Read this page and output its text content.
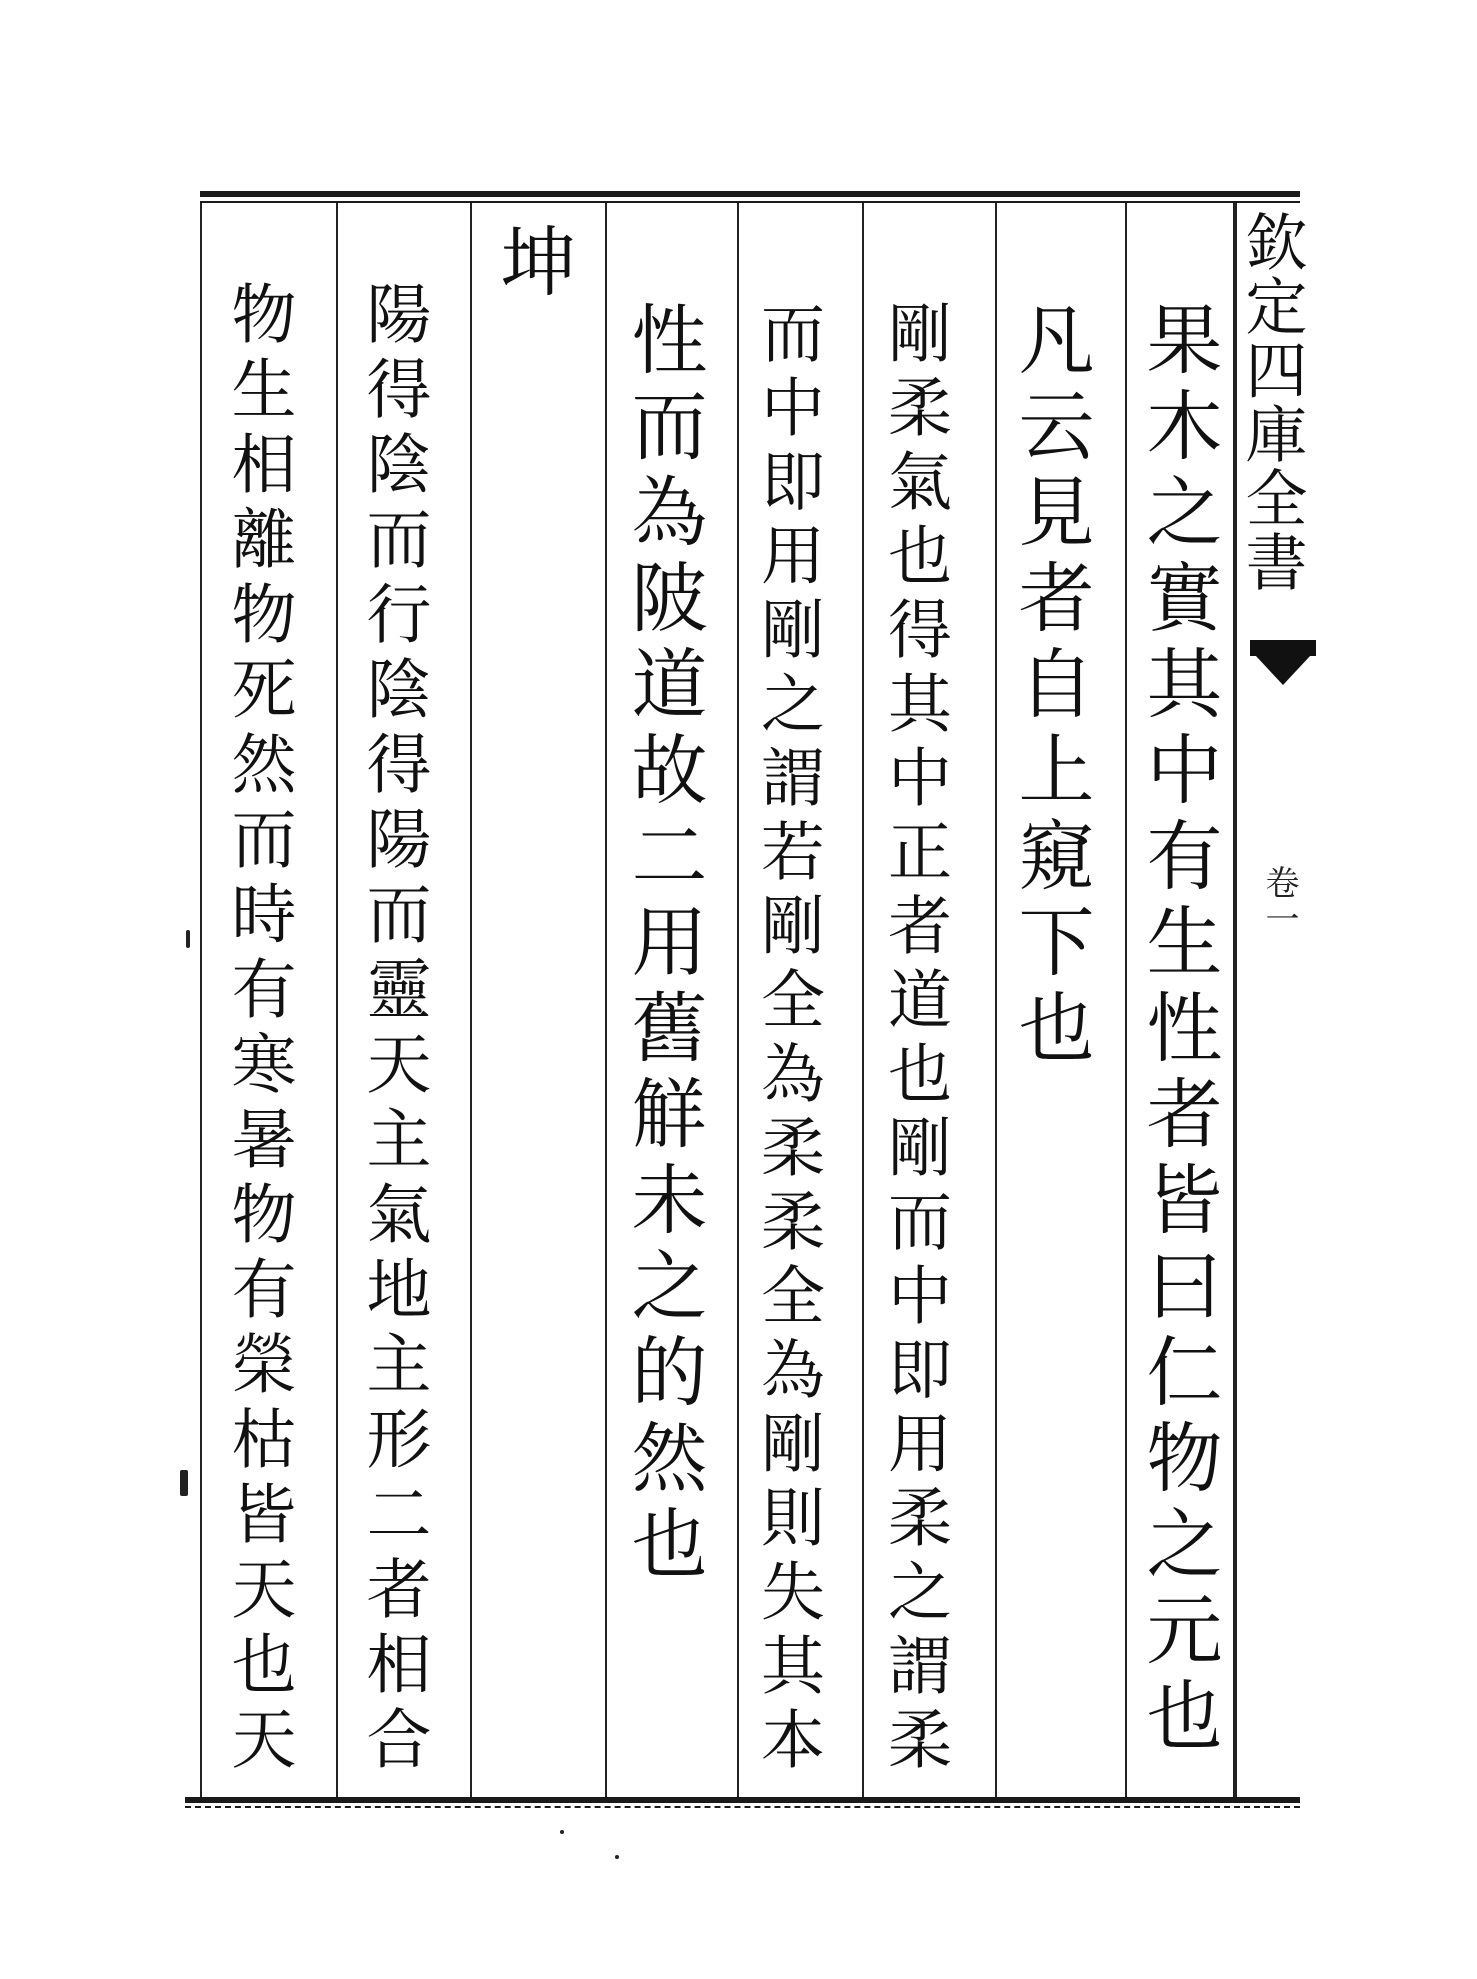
欽定四庫全書
卷一
果木之實其中有生性者皆曰仁物之元也
凡云見者自上窺下也
剛柔氣也得其中正者道也剛而中即用柔之謂柔
而中即用剛之謂若剛全為柔柔全為剛則失其本
性而為陂道故二用舊觧未之的然也
坤
陽得陰而行陰得陽而靈天主氣地主形二者相合
物生相離物死然而時有寒暑物有榮枯皆天也天
